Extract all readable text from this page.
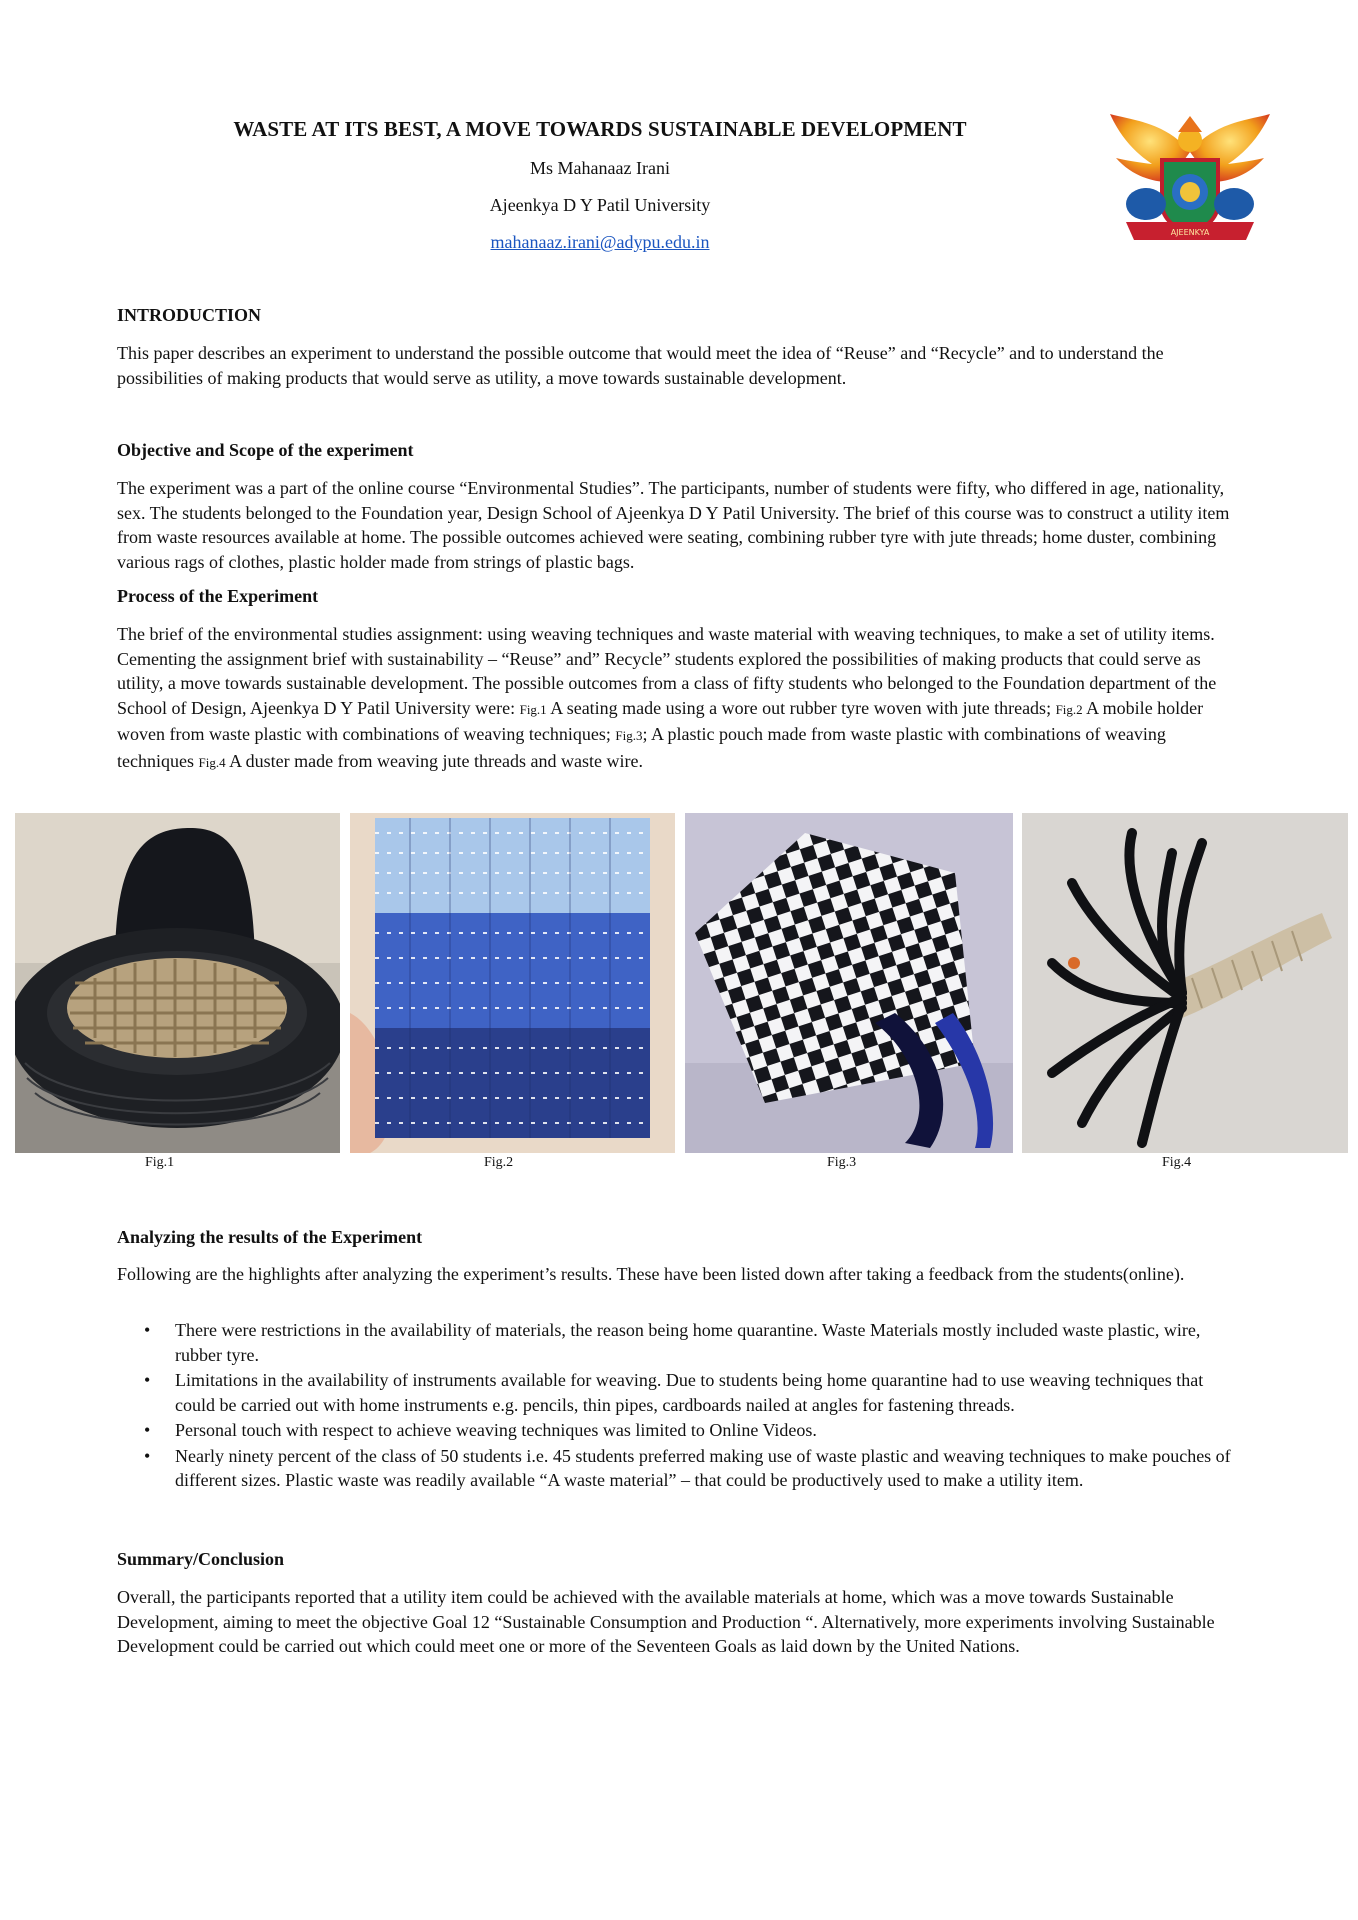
WASTE AT ITS BEST, A MOVE TOWARDS SUSTAINABLE DEVELOPMENT
Ms Mahanaaz Irani
Ajeenkya D Y Patil University
mahanaaz.irani@adypu.edu.in	AJEENKYA
INTRODUCTION

This paper describes an experiment to understand the possible outcome that would meet the idea of “Reuse” and “Recycle” and to understand the possibilities of making products that would serve as utility, a move towards sustainable development.

Objective and Scope of the experiment

The experiment was a part of the online course “Environmental Studies”. The participants, number of students were fifty, who differed in age, nationality, sex. The students belonged to the Foundation year, Design School of Ajeenkya D Y Patil University. The brief of this course was to construct a utility item from waste resources available at home. The possible outcomes achieved were seating, combining rubber tyre with jute threads; home duster, combining various rags of clothes, plastic holder made from strings of plastic bags.

Process of the Experiment

The brief of the environmental studies assignment: using weaving techniques and waste material with weaving techniques, to make a set of utility items. Cementing the assignment brief with sustainability – “Reuse” and” Recycle” students explored the possibilities of making products that could serve as utility, a move towards sustainable development. The possible outcomes from a class of fifty students who belonged to the Foundation department of the School of Design, Ajeenkya D Y Patil University were: Fig.1 A seating made using a wore out rubber tyre woven with jute threads; Fig.2 A mobile holder woven from waste plastic with combinations of weaving techniques; Fig.3; A plastic pouch made from waste plastic with combinations of weaving techniques Fig.4 A duster made from weaving jute threads and waste wire.

Fig.1	Fig.2	Fig.3	Fig.4
Analyzing the results of the Experiment

Following are the highlights after analyzing the experiment’s results. These have been listed down after taking a feedback from the students(online).

• There were restrictions in the availability of materials, the reason being home quarantine. Waste Materials mostly included waste plastic, wire, rubber tyre.
• Limitations in the availability of instruments available for weaving. Due to students being home quarantine had to use weaving techniques that could be carried out with home instruments e.g. pencils, thin pipes, cardboards nailed at angles for fastening threads.
• Personal touch with respect to achieve weaving techniques was limited to Online Videos.
• Nearly ninety percent of the class of 50 students i.e. 45 students preferred making use of waste plastic and weaving techniques to make pouches of different sizes. Plastic waste was readily available “A waste material” – that could be productively used to make a utility item.
Summary/Conclusion

Overall, the participants reported that a utility item could be achieved with the available materials at home, which was a move towards Sustainable Development, aiming to meet the objective Goal 12 “Sustainable Consumption and Production “. Alternatively, more experiments involving Sustainable Development could be carried out which could meet one or more of the Seventeen Goals as laid down by the United Nations.
